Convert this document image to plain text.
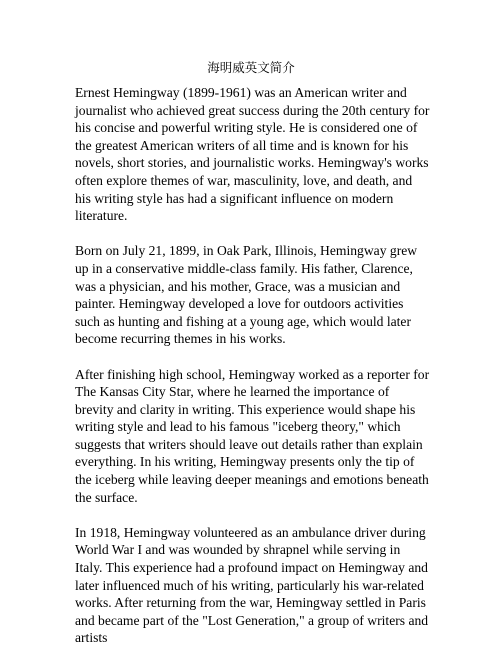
海明威英文简介

Ernest Hemingway (1899-1961) was an American writer and journalist who achieved great success during the 20th century for his concise and powerful writing style. He is considered one of the greatest American writers of all time and is known for his novels, short stories, and journalistic works. Hemingway's works often explore themes of war, masculinity, love, and death, and his writing style has had a significant influence on modern literature.

Born on July 21, 1899, in Oak Park, Illinois, Hemingway grew up in a conservative middle-class family. His father, Clarence, was a physician, and his mother, Grace, was a musician and painter. Hemingway developed a love for outdoors activities such as hunting and fishing at a young age, which would later become recurring themes in his works.

After finishing high school, Hemingway worked as a reporter for The Kansas City Star, where he learned the importance of brevity and clarity in writing. This experience would shape his writing style and lead to his famous "iceberg theory," which suggests that writers should leave out details rather than explain everything. In his writing, Hemingway presents only the tip of the iceberg while leaving deeper meanings and emotions beneath the surface.

In 1918, Hemingway volunteered as an ambulance driver during World War I and was wounded by shrapnel while serving in Italy. This experience had a profound impact on Hemingway and later influenced much of his writing, particularly his war-related works. After returning from the war, Hemingway settled in Paris and became part of the "Lost Generation," a group of writers and artists
